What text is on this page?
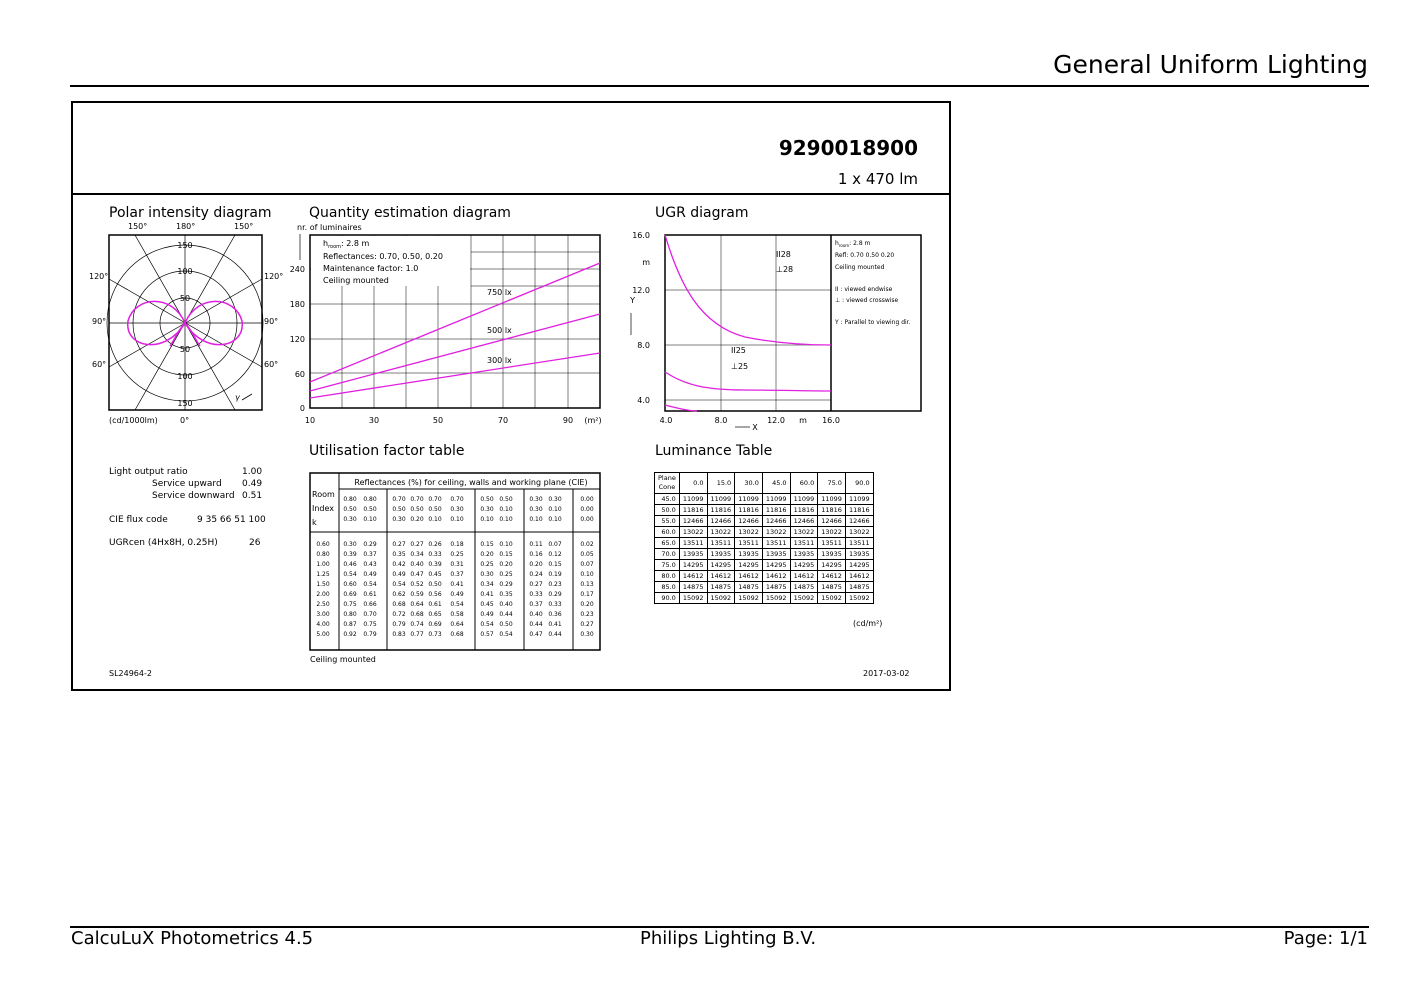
General Uniform Lighting
9290018900
1 x 470 lm
Polar intensity diagram
150°	180°	150°
120°
90°
60°
120°
90°
60°
150
100
50
50
100
150
γ
(cd/1000lm)	0°
Quantity estimation diagram
nr. of luminaires
750 lx
500 lx
300 lx
$h_{room}$: 2.8 m
Reflectances: 0.70, 0.50, 0.20
Maintenance factor: 1.0
Ceiling mounted
240
180
120
60
0
10	30	50	70	90 (m²)
UGR diagram
16.0
12.0
8.0
4.0
m
Y
4.0	8.0	12.0	16.0
m
X
II28
⊥28
II25
⊥25
$h_{room}$: 2.8 m
Refl: 0.70 0.50 0.20
Ceiling mounted
II : viewed endwise
⊥ : viewed crosswise
Y : Parallel to viewing dir.
Light output ratio	1.00
Service upward 0.49
Service downward 0.51
CIE flux code	9 35 66 51 100
UGRcen (4Hx8H, 0.25H)	26
Utilisation factor table
Reflectances (%) for ceiling, walls and working plane (CIE)
Room
Index
k
0.80 0.80	0.70 0.70 0.70 0.70	0.50 0.50	0.30 0.30	0.00
0.50 0.50	0.50 0.50 0.50 0.30	0.30 0.10	0.30 0.10	0.00
0.30 0.10	0.30 0.20 0.10 0.10	0.10 0.10	0.10 0.10	0.00
0.60 0.30 0.29	0.27 0.27 0.26 0.18	0.15 0.10	0.11 0.07	0.02
0.80 0.39 0.37	0.35 0.34 0.33 0.25	0.20 0.15	0.16 0.12	0.05
1.00 0.46 0.43	0.42 0.40 0.39 0.31	0.25 0.20	0.20 0.15	0.07
1.25 0.54 0.49	0.49 0.47 0.45 0.37	0.30 0.25	0.24 0.19	0.10
1.50 0.60 0.54	0.54 0.52 0.50 0.41	0.34 0.29	0.27 0.23	0.13
2.00 0.69 0.61	0.62 0.59 0.56 0.49	0.41 0.35	0.33 0.29	0.17
2.50 0.75 0.66	0.68 0.64 0.61 0.54	0.45 0.40	0.37 0.33	0.20
3.00 0.80 0.70	0.72 0.68 0.65 0.58	0.49 0.44	0.40 0.36	0.23
4.00 0.87 0.75	0.79 0.74 0.69 0.64	0.54 0.50	0.44 0.41	0.27
5.00 0.92 0.79	0.83 0.77 0.73 0.68	0.57 0.54	0.47 0.44	0.30
Ceiling mounted
Luminance Table
Plane
Cone	0.0	15.0	30.0	45.0	60.0	75.0	90.0
45.0	11099	11099	11099	11099	11099	11099	11099
50.0	11816	11816	11816	11816	11816	11816	11816
55.0	12466	12466	12466	12466	12466	12466	12466
60.0	13022	13022	13022	13022	13022	13022	13022
65.0	13511	13511	13511	13511	13511	13511	13511
70.0	13935	13935	13935	13935	13935	13935	13935
75.0	14295	14295	14295	14295	14295	14295	14295
80.0	14612	14612	14612	14612	14612	14612	14612
85.0	14875	14875	14875	14875	14875	14875	14875
90.0	15092	15092	15092	15092	15092	15092	15092
(cd/m²)
SL24964-2	2017-03-02
CalcuLuX Photometrics 4.5	Philips Lighting B.V.	Page: 1/1
